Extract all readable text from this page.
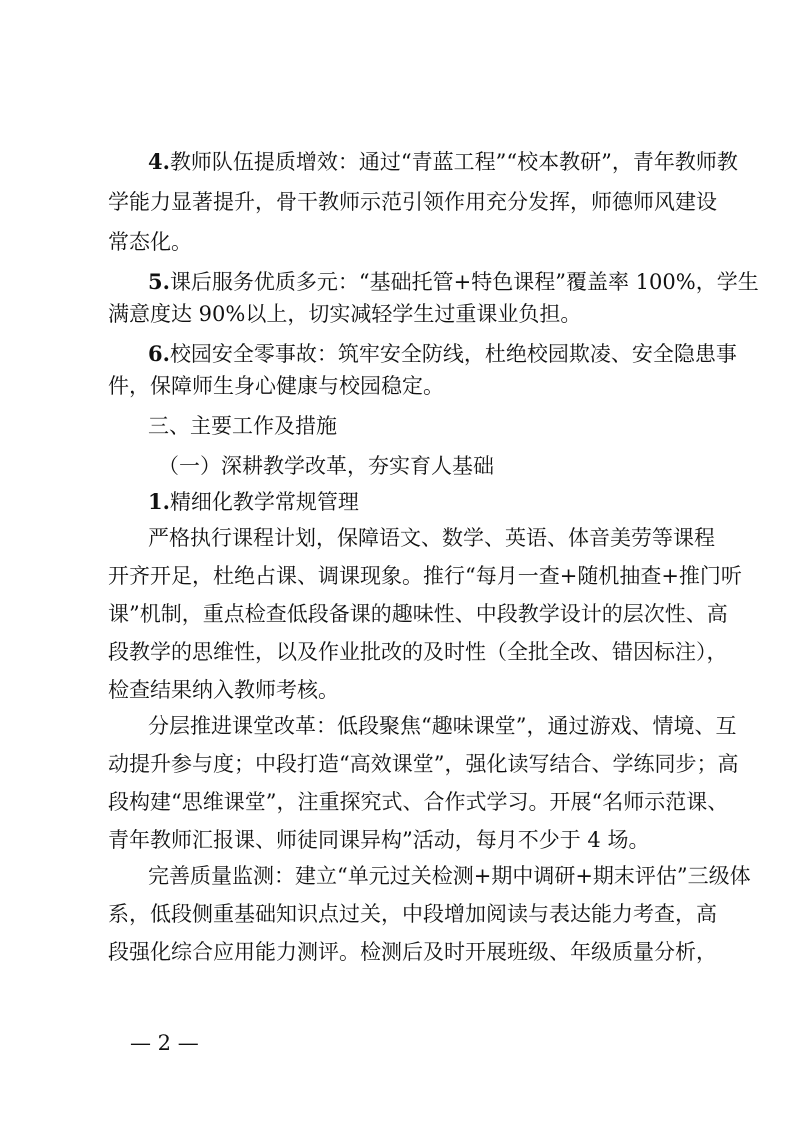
4.教师队伍提质增效：通过“青蓝工程”“校本教研”，青年教师教
学能力显著提升，骨干教师示范引领作用充分发挥，师德师风建设
常态化。
5.课后服务优质多元：“基础托管+特色课程”覆盖率 100%，学生
满意度达 90%以上，切实减轻学生过重课业负担。
6.校园安全零事故：筑牢安全防线，杜绝校园欺凌、安全隐患事
件，保障师生身心健康与校园稳定。
三、主要工作及措施
（一）深耕教学改革，夯实育人基础
1.精细化教学常规管理
严格执行课程计划，保障语文、数学、英语、体音美劳等课程
开齐开足，杜绝占课、调课现象。推行“每月一查+随机抽查+推门听
课”机制，重点检查低段备课的趣味性、中段教学设计的层次性、高
段教学的思维性，以及作业批改的及时性（全批全改、错因标注），
检查结果纳入教师考核。
分层推进课堂改革：低段聚焦“趣味课堂”，通过游戏、情境、互
动提升参与度；中段打造“高效课堂”，强化读写结合、学练同步；高
段构建“思维课堂”，注重探究式、合作式学习。开展“名师示范课、
青年教师汇报课、师徒同课异构”活动，每月不少于 4 场。
完善质量监测：建立“单元过关检测+期中调研+期末评估”三级体
系，低段侧重基础知识点过关，中段增加阅读与表达能力考查，高
段强化综合应用能力测评。检测后及时开展班级、年级质量分析，
— 2 —
